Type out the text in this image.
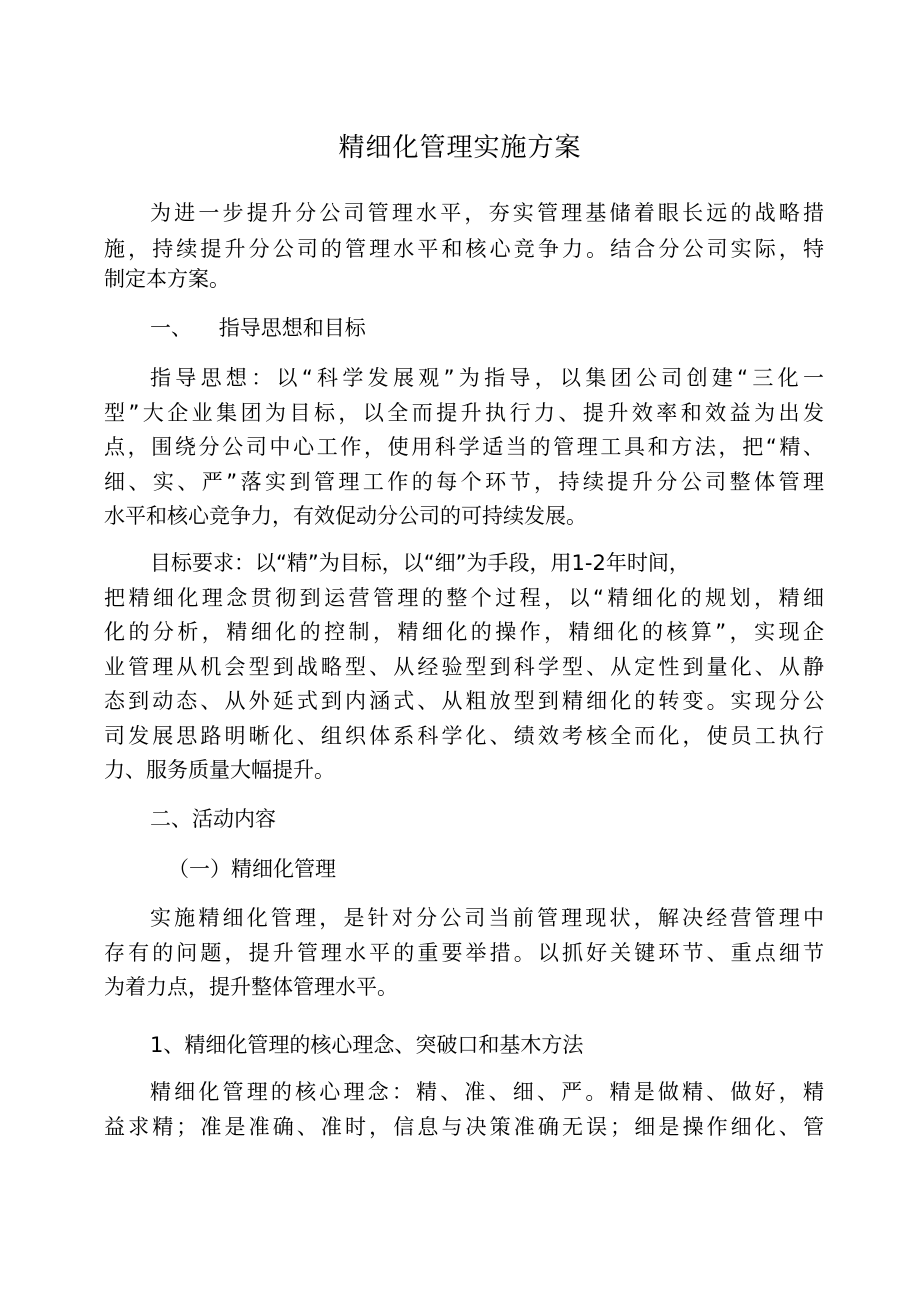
精细化管理实施方案
为进一步提升分公司管理水平，夯实管理基储着眼长远的战略措
施，持续提升分公司的管理水平和核心竞争力。结合分公司实际，特
制定本方案。
一、    指导思想和目标
指导思想：以“科学发展观”为指导，以集团公司创建“三化一
型”大企业集团为目标，以全而提升执行力、提升效率和效益为出发
点，围绕分公司中心工作，使用科学适当的管理工具和方法，把“精、
细、实、严”落实到管理工作的每个环节，持续提升分公司整体管理
水平和核心竞争力，有效促动分公司的可持续发展。
目标要求：以“精”为目标，以“细”为手段，用1-2年时间，
把精细化理念贯彻到运营管理的整个过程，以“精细化的规划，精细
化的分析，精细化的控制，精细化的操作，精细化的核算”，实现企
业管理从机会型到战略型、从经验型到科学型、从定性到量化、从静
态到动态、从外延式到内涵式、从粗放型到精细化的转变。实现分公
司发展思路明晰化、组织体系科学化、绩效考核全而化，使员工执行
力、服务质量大幅提升。
二、活动内容
（一）精细化管理
实施精细化管理，是针对分公司当前管理现状，解决经营管理中
存有的问题，提升管理水平的重要举措。以抓好关键环节、重点细节
为着力点，提升整体管理水平。
1、精细化管理的核心理念、突破口和基木方法
精细化管理的核心理念：精、准、细、严。精是做精、做好，精
益求精；准是准确、准时，信息与决策准确无误；细是操作细化、管
